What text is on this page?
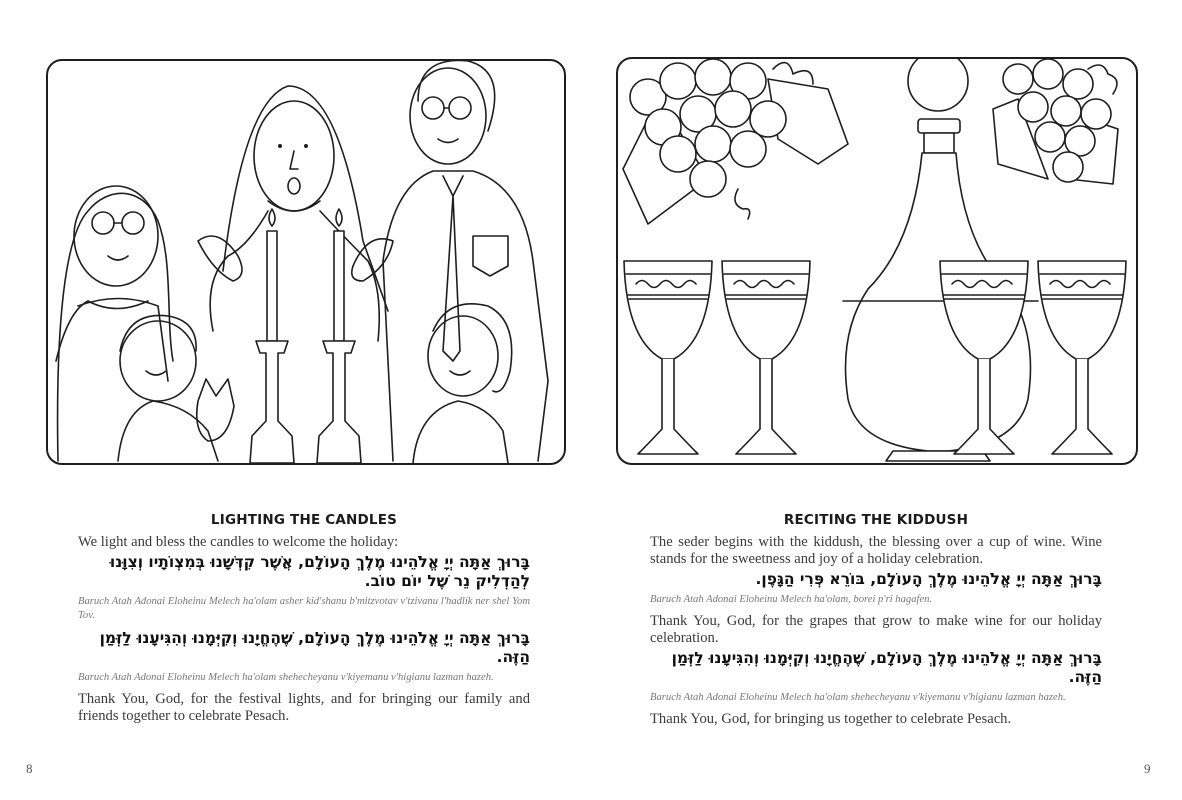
LIGHTING THE CANDLES

We light and bless the candles to welcome the holiday:

בָּרוּךְ אַתָּה יְיָ אֱלֹהֵינוּ מֶלֶךְ הָעוֹלָם, אֲשֶׁר קִדְּשָׁנוּ בְּמִצְוֹתָיו וְצִוָּנוּ לְהַדְלִיק נֵר שֶׁל יוֹם טוֹב.

Baruch Atah Adonai Eloheinu Melech ha'olam asher kid'shanu b'mitzvotav v'tzivanu l'hadlik ner shel Yom Tov.

בָּרוּךְ אַתָּה יְיָ אֱלֹהֵינוּ מֶלֶךְ הָעוֹלָם, שֶׁהֶחֱיָנוּ וְקִיְּמָנוּ וְהִגִּיעָנוּ לַזְּמַן הַזֶּה.

Baruch Atah Adonai Eloheinu Melech ha'olam shehecheyanu v'kiyemanu v'higianu lazman hazeh.

Thank You, God, for the festival lights, and for bringing our family and friends together to celebrate Pesach.

RECITING THE KIDDUSH

The seder begins with the kiddush, the blessing over a cup of wine. Wine stands for the sweetness and joy of a holiday celebration.

בָּרוּךְ אַתָּה יְיָ אֱלֹהֵינוּ מֶלֶךְ הָעוֹלָם, בּוֹרֵא פְּרִי הַגָּפֶן.

Baruch Atah Adonai Eloheinu Melech ha'olam, borei p'ri hagafen.

Thank You, God, for the grapes that grow to make wine for our holiday celebration.

בָּרוּךְ אַתָּה יְיָ אֱלֹהֵינוּ מֶלֶךְ הָעוֹלָם, שֶׁהֶחֱיָנוּ וְקִיְּמָנוּ וְהִגִּיעָנוּ לַזְּמַן הַזֶּה.

Baruch Atah Adonai Eloheinu Melech ha'olam shehecheyanu v'kiyemanu v'higianu lazman hazeh.

Thank You, God, for bringing us together to celebrate Pesach.

8	9
